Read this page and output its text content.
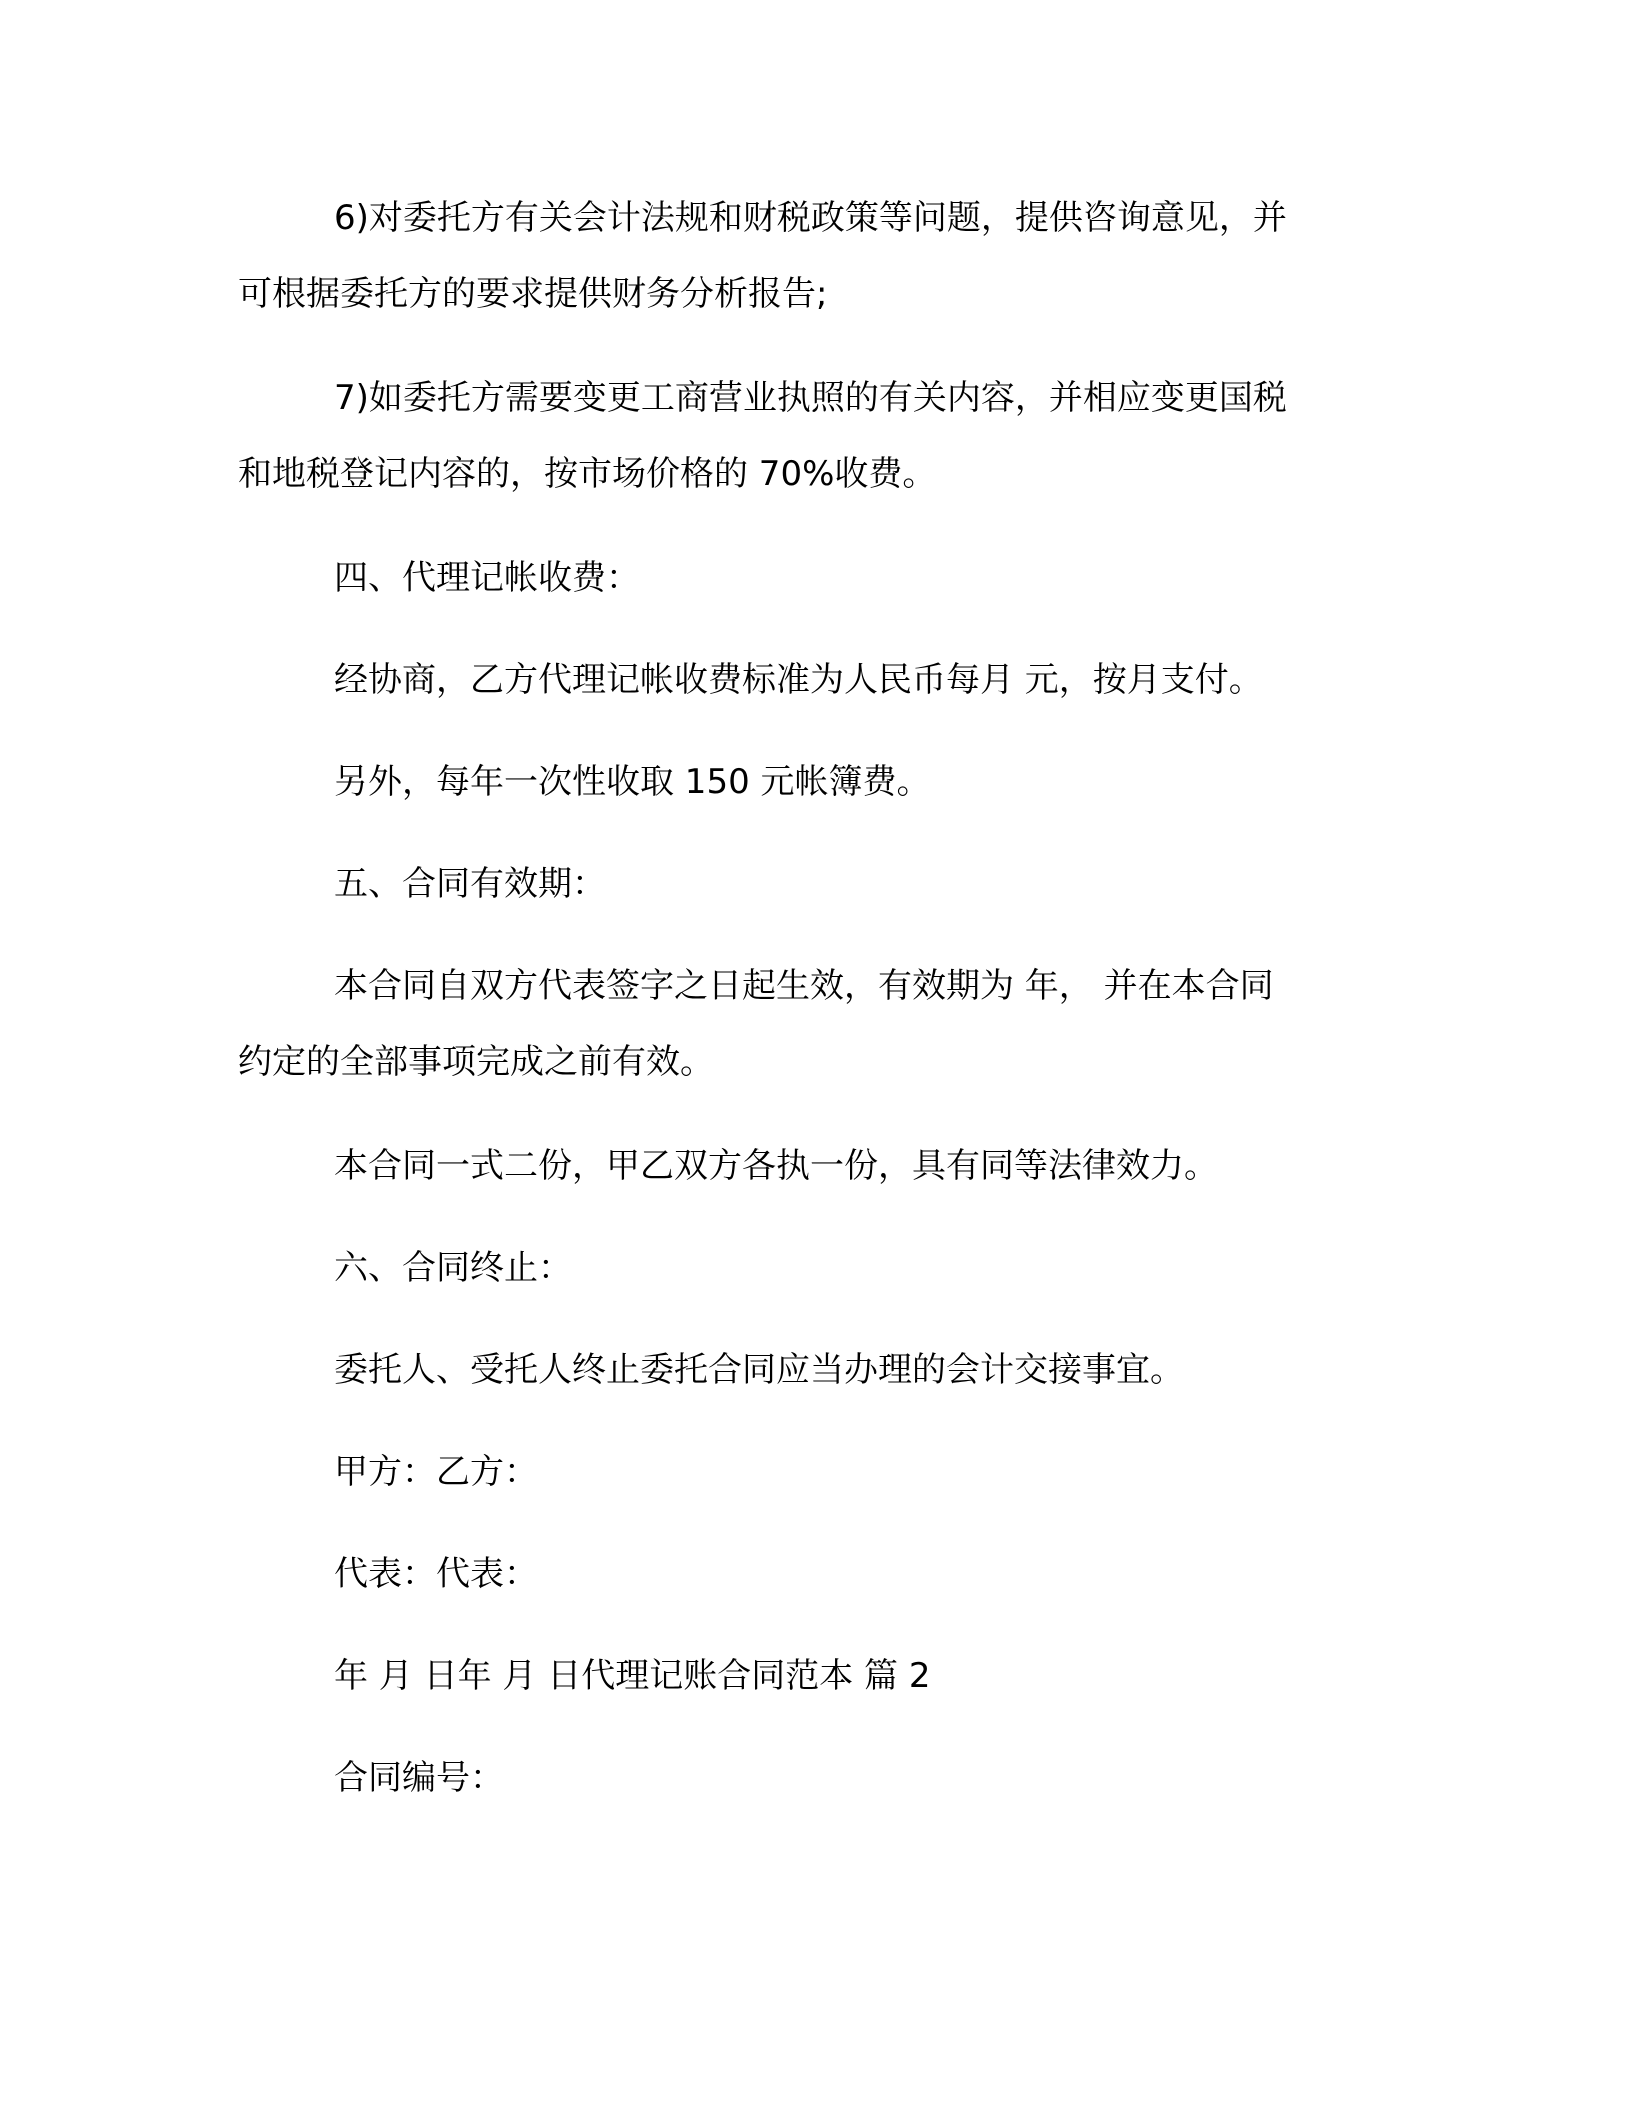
6)对委托方有关会计法规和财税政策等问题，提供咨询意见，并

可根据委托方的要求提供财务分析报告;

7)如委托方需要变更工商营业执照的有关内容，并相应变更国税

和地税登记内容的，按市场价格的 70%收费。

四、代理记帐收费：

经协商，乙方代理记帐收费标准为人民币每月 元，按月支付。

另外，每年一次性收取 150 元帐簿费。

五、合同有效期：

本合同自双方代表签字之日起生效，有效期为 年， 并在本合同

约定的全部事项完成之前有效。

本合同一式二份，甲乙双方各执一份，具有同等法律效力。

六、合同终止：

委托人、受托人终止委托合同应当办理的会计交接事宜。

甲方：乙方：

代表：代表：

年 月 日年 月 日代理记账合同范本 篇 2

合同编号：
